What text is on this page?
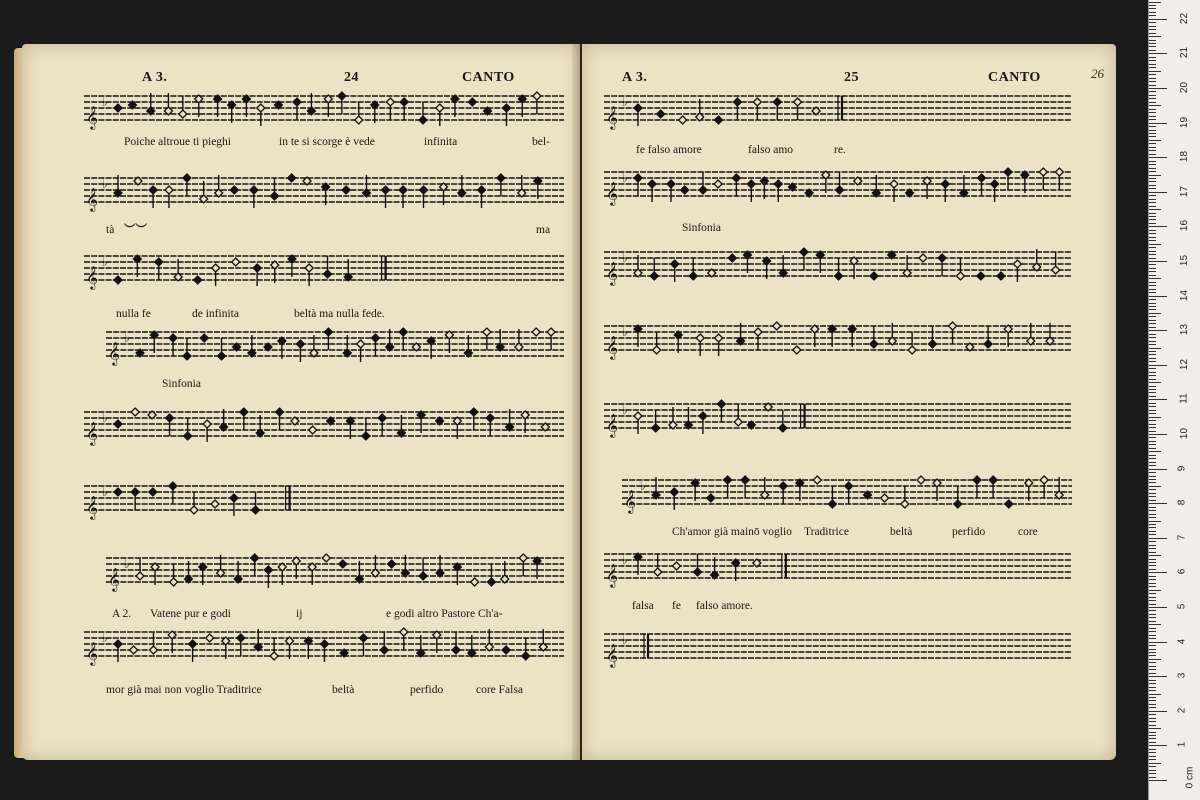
A 3.	24	CANTO
𝄞
♭
Poiche altroue ti pieghi	in te si scorge è vede	infinita	bel-
𝄞
♭
tà ︶︶	ma
𝄞
♭
nulla fe	de infinita	beltà ma nulla fede.
𝄞
♭
Sinfonia
𝄞
♭
𝄞
♭
𝄞
♭
A 2. Vatene pur e godi	ij	e godi altro Pastore Ch'a-
𝄞
♭
mor già mai non voglio Traditrice	beltà	perfido	core Falsa
A 3.	25	CANTO	26
𝄞
♭
fe falso amore	falso amo	re.
𝄞
♭
Sinfonia
𝄞
♭
𝄞
♭
𝄞
♭
𝄞
♭
Ch'amor già mainō voglio Traditrice	beltà	perfido	core
𝄞
♭
falsa fe falso amore.
𝄞
♭
0 cm
1
2
3
4
5
6
7
8
9
10
11
12
13
14
15
16
17
18
19
20
21
22
